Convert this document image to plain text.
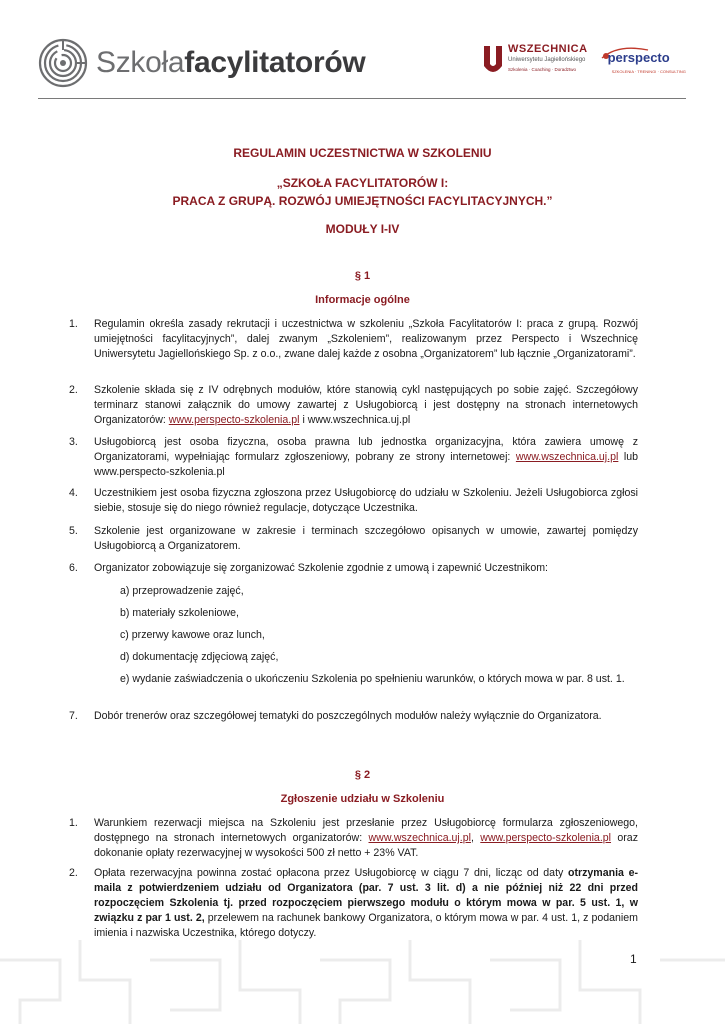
Szkołafacylitatorów	WSZECHNICA
Uniwersytetu Jagiellońskiego
Szkolenia · Coaching · Doradztwo
perspecto
SZKOLENIA · TRENINGI · CONSULTING
REGULAMIN UCZESTNICTWA W SZKOLENIU
„SZKOŁA FACYLITATORÓW I:
PRACA Z GRUPĄ. ROZWÓJ UMIEJĘTNOŚCI FACYLITACYJNYCH.”
MODUŁY I-IV
§ 1
Informacje ogólne
1. Regulamin określa zasady rekrutacji i uczestnictwa w szkoleniu „Szkoła Facylitatorów I: praca z grupą. Rozwój umiejętności facylitacyjnych”, dalej zwanym „Szkoleniem”, realizowanym przez Perspecto i Wszechnicę Uniwersytetu Jagiellońskiego Sp. z o.o., zwane dalej każde z osobna „Organizatorem” lub łącznie „Organizatorami”.
2. Szkolenie składa się z IV odrębnych modułów, które stanowią cykl następujących po sobie zajęć. Szczegółowy terminarz stanowi załącznik do umowy zawartej z Usługobiorcą i jest dostępny na stronach internetowych Organizatorów: www.perspecto-szkolenia.pl i www.wszechnica.uj.pl
3. Usługobiorcą jest osoba fizyczna, osoba prawna lub jednostka organizacyjna, która zawiera umowę z Organizatorami, wypełniając formularz zgłoszeniowy, pobrany ze strony internetowej: www.wszechnica.uj.pl lub www.perspecto-szkolenia.pl
4. Uczestnikiem jest osoba fizyczna zgłoszona przez Usługobiorcę do udziału w Szkoleniu. Jeżeli Usługobiorca zgłosi siebie, stosuje się do niego również regulacje, dotyczące Uczestnika.
5. Szkolenie jest organizowane w zakresie i terminach szczegółowo opisanych w umowie, zawartej pomiędzy Usługobiorcą a Organizatorem.
6. Organizator zobowiązuje się zorganizować Szkolenie zgodnie z umową i zapewnić Uczestnikom:
a) przeprowadzenie zajęć,
b) materiały szkoleniowe,
c) przerwy kawowe oraz lunch,
d) dokumentację zdjęciową zajęć,
e) wydanie zaświadczenia o ukończeniu Szkolenia po spełnieniu warunków, o których mowa w par. 8 ust. 1.
7. Dobór trenerów oraz szczegółowej tematyki do poszczególnych modułów należy wyłącznie do Organizatora.
§ 2
Zgłoszenie udziału w Szkoleniu
1. Warunkiem rezerwacji miejsca na Szkoleniu jest przesłanie przez Usługobiorcę formularza zgłoszeniowego, dostępnego na stronach internetowych organizatorów: www.wszechnica.uj.pl, www.perspecto-szkolenia.pl oraz dokonanie opłaty rezerwacyjnej w wysokości 500 zł netto + 23% VAT.
2. Opłata rezerwacyjna powinna zostać opłacona przez Usługobiorcę w ciągu 7 dni, licząc od daty otrzymania e-maila z potwierdzeniem udziału od Organizatora (par. 7 ust. 3 lit. d) a nie później niż 22 dni przed rozpoczęciem Szkolenia tj. przed rozpoczęciem pierwszego modułu o którym mowa w par. 5 ust. 1, w związku z par 1 ust. 2, przelewem na rachunek bankowy Organizatora, o którym mowa w par. 4 ust. 1, z podaniem imienia i nazwiska Uczestnika, którego dotyczy.
1
